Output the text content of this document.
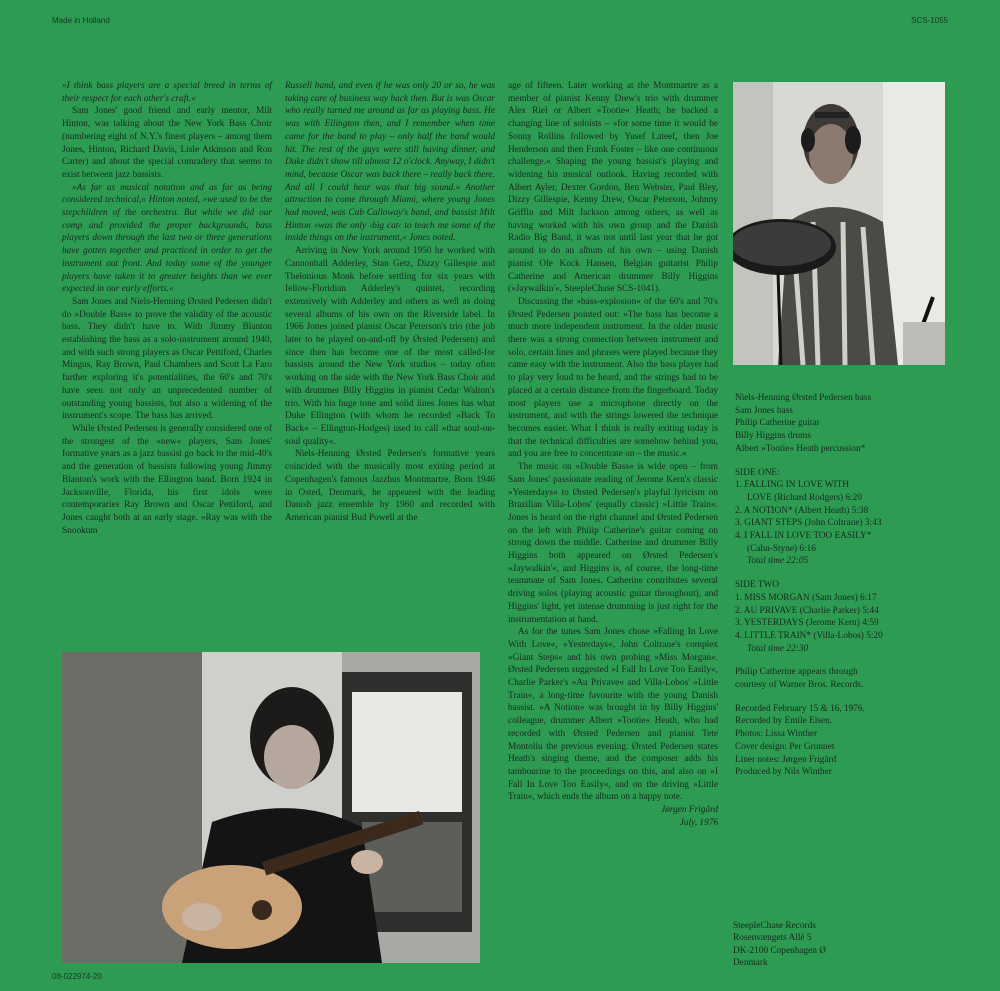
Made in Holland	SCS-1055
08-022974-20

»I think bass players are a special breed in terms of their respect for each other's craft.«

Sam Jones' good friend and early mentor, Milt Hinton, was talking about the New York Bass Choir (numbering eight of N.Y.'s finest players – among them Jones, Hinton, Richard Davis, Lisle Atkinson and Ron Carter) and about the special comradery that seems to exist between jazz bassists.

»As far as musical notation and as far as being considered technical,« Hinton noted, »we used to be the stepchildren of the orchestra. But while we did our comp and provided the proper backgrounds, bass players down through the last two or three generations have gotten together and practiced in order to get the instrument out front. And today some of the younger players have taken it to greater heights than we ever expected in our early efforts.«

Sam Jones and Niels-Henning Ørsted Pedersen didn't do »Double Bass« to prove the validity of the acoustic bass. They didn't have to. With Jimmy Blanton establishing the bass as a solo-instrument around 1940, and with such strong players as Oscar Pettiford, Charles Mingus, Ray Brown, Paul Chambers and Scott La Faro further exploring it's potentialities, the 60's and 70's have seen not only an unprecedented number of outstanding young bassists, but also a widening of the instrument's scope. The bass has arrived.

While Ørsted Pedersen is generally considered one of the strongest of the »new« players, Sam Jones' formative years as a jazz bassist go back to the mid-40's and the generation of bassists following young Jimmy Blanton's work with the Ellington band. Born 1924 in Jacksonville, Florida, his first idols were contemporaries Ray Brown and Oscar Pettiford, and Jones caught both at an early stage. »Ray was with the Snookum

Russell band, and even if he was only 20 or so, he was taking care of business way back then. But is was Oscar who really turned me around as far as playing bass. He was with Ellington then, and I remember when time came for the band to play – only half the band would hit. The rest of the guys were still having dinner, and Duke didn't show till almost 12 o'clock. Anyway, I didn't mind, because Oscar was back there – really back there. And all I could hear was that big sound.« Another attraction to come through Miami, where young Jones had moved, was Cab Calloway's band, and bassist Milt Hinton »was the only ›big cat‹ to teach me some of the inside things on the instrument,« Jones noted.

Arriving in New York around 1950 he worked with Cannonball Adderley, Stan Getz, Dizzy Gillespie and Thelonious Monk before settling for six years with fellow-Floridian Adderley's quintet, recording extensively with Adderley and others as well as doing several albums of his own on the Riverside label. In 1966 Jones joined pianist Oscar Peterson's trio (the job later to be played on-and-off by Ørsted Pedersen) and since then has become one of the most called-for bassists around the New York studios – today often working on the side with the New York Bass Choir and with drummer Billy Higgins in pianist Cedar Walton's trio. With his huge tone and solid lines Jones has what Duke Ellington (with whom he recorded »Back To Back« – Ellington-Hodges) used to call »that soul-on-soul quality«.

Niels-Henning Ørsted Pedersen's formative years coincided with the musically most exiting period at Copenhagen's famous Jazzhus Montmartre. Born 1946 in Osted, Denmark, he appeared with the leading Danish jazz ensemble by 1960 and recorded with American pianist Bud Powell at the

age of fifteen. Later working at the Montmartre as a member of pianist Kenny Drew's trio with drummer Alex Riel or Albert »Tootie« Heath; he backed a changing line of soloists – »for some time it would be Sonny Rollins followed by Yusef Lateef, then Joe Henderson and then Frank Foster – like one continuous challenge.« Shaping the young bassist's playing and widening his musical outlook. Having recorded with Albert Ayler, Dexter Gordon, Ben Webster, Paul Bley, Dizzy Gillespie, Kenny Drew, Oscar Peterson, Johnny Griffin and Milt Jackson among others, as well as having worked with his own group and the Danish Radio Big Band, it was not until last year that he got around to do an album of his own – using Danish pianist Ole Kock Hansen, Belgian guitarist Philip Catherine and American drummer Billy Higgins (»Jaywalkin'«, SteepleChase SCS-1041).

Discussing the »bass-explosion« of the 60's and 70's Ørsted Pedersen pointed out: »The bass has become a much more independent instrument. In the older music there was a strong connection between instrument and solo, certain lines and phrases were played because they came easy with the instrument. Also the bass player had to play very loud to be heard, and the strings had to be placed at a certain distance from the fingerboard. Today most players use a microphone directly on the instrument, and with the strings lowered the technique becomes easier. What I think is really exiting today is that the technical difficulties are somehow behind you, and you are free to concentrate on – the music.«

The music on »Double Bass« is wide open – from Sam Jones' passionate reading of Jerome Kern's classic »Yesterdays« to Ørsted Pedersen's playful lyricism on Brazilian Villa-Lobos' (equally classic) »Little Train«. Jones is heard on the right channel and Ørsted Pedersen on the left with Philip Catherine's guitar coming on strong down the middle. Catherine and drummer Billy Higgins both appeared on Ørsted Pedersen's »Jaywalkin'«, and Higgins is, of course, the long-time teammate of Sam Jones. Catherine contributes several driving solos (playing acoustic guitar throughout), and Higgins' light, yet intense drumming is just right for the instrumentation at hand.

As for the tunes Sam Jones chose »Falling In Love With Love«, »Yesterdays«, John Coltrane's complex »Giant Steps« and his own probing »Miss Morgan«. Ørsted Pedersen suggested »I Fall In Love Too Easily«, Charlie Parker's »Au Privave« and Villa-Lobos' »Little Train«, a long-time favourite with the young Danish bassist. »A Notion« was brought in by Billy Higgins' colleague, drummer Albert »Tootie« Heath, who had recorded with Ørsted Pedersen and pianist Tete Montoliu the previous evening. Ørsted Pedersen states Heath's singing theme, and the composer adds his tambourine to the proceedings on this, and also on »I Fall In Love Too Easily«, and on the driving »Little Train«, which ends the album on a happy note.

Jørgen Frigård

July, 1976

Niels-Henning Ørsted Pedersen bass
Sam Jones bass
Philip Catherine guitar
Billy Higgins drums
Albert »Tootie« Heath percussion*
SIDE ONE:
1. FALLING IN LOVE WITH
LOVE (Richard Rodgers) 6:20
2. A NOTION* (Albert Heath) 5:38
3. GIANT STEPS (John Coltrane) 3:43
4. I FALL IN LOVE TOO EASILY*
(Cahn-Styne) 6:16
Total time 22:05
SIDE TWO
1. MISS MORGAN (Sam Jones) 6:17
2. AU PRIVAVE (Charlie Parker) 5:44
3. YESTERDAYS (Jerome Kern) 4:59
4. LITTLE TRAIN* (Villa-Lobos) 5:20
Total time 22:30
Philip Catherine appears through
courtesy of Warner Bros. Records.
Recorded February 15 & 16, 1976.
Recorded by Emile Elsen.
Photos: Lissa Winther
Cover design: Per Grunnet
Liner notes: Jørgen Frigård
Produced by Nils Winther
SteepleChase Records
Rosenvængets Allé 5
DK-2100 Copenhagen Ø
Denmark
